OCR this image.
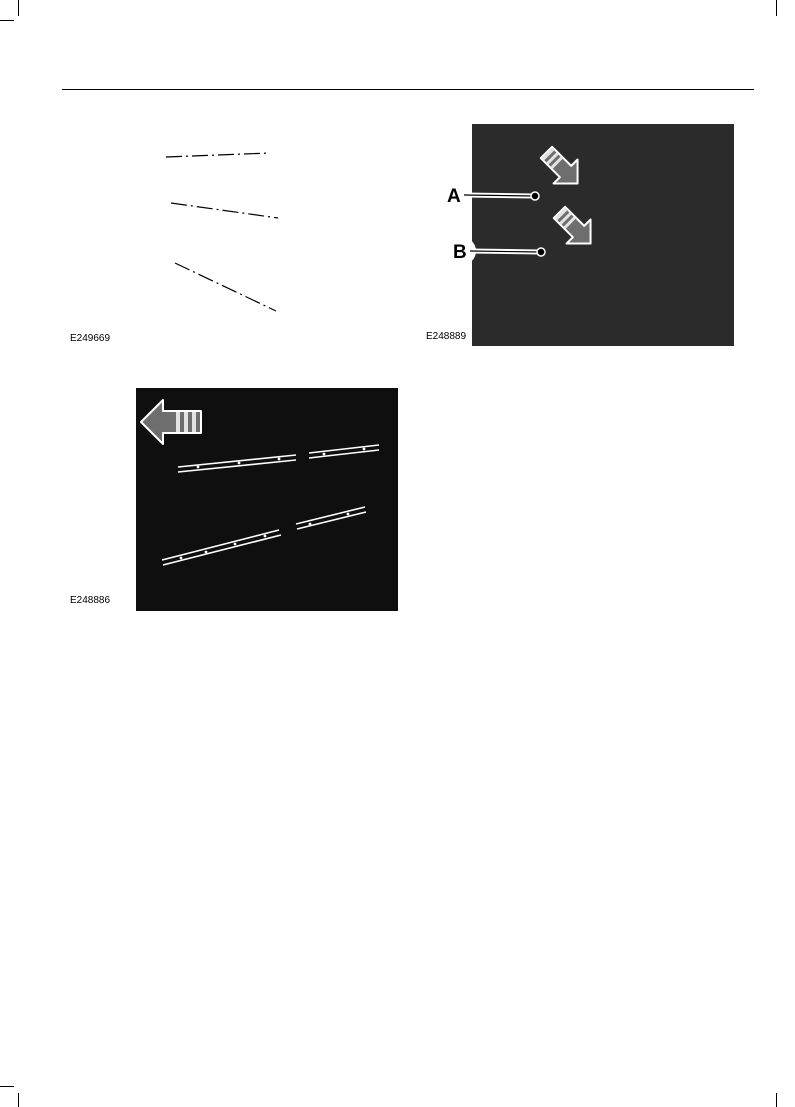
E249669
A
B
E248889
E248886
